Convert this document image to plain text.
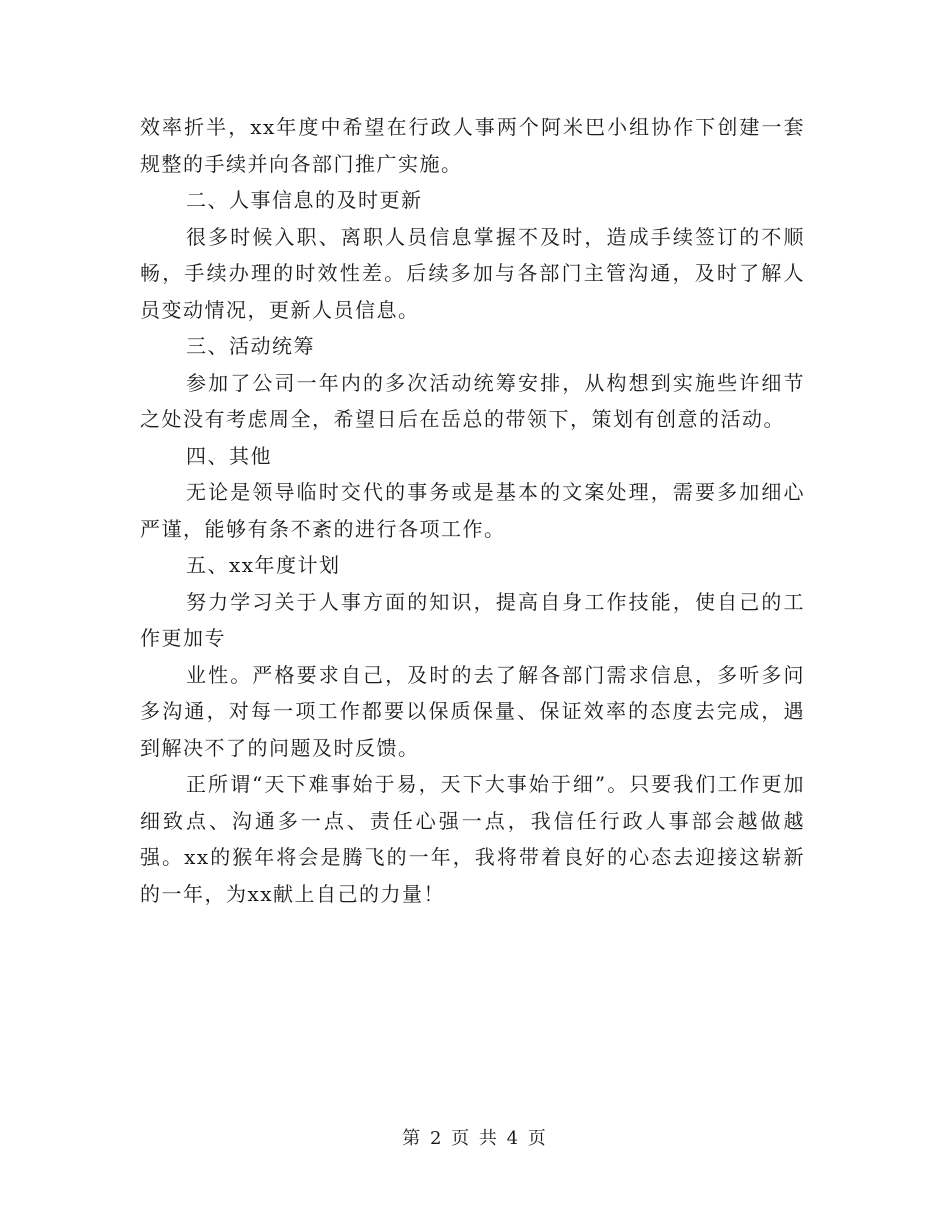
效率折半，xx年度中希望在行政人事两个阿米巴小组协作下创建一套规整的手续并向各部门推广实施。

二、人事信息的及时更新

很多时候入职、离职人员信息掌握不及时，造成手续签订的不顺畅，手续办理的时效性差。后续多加与各部门主管沟通，及时了解人员变动情况，更新人员信息。

三、活动统筹

参加了公司一年内的多次活动统筹安排，从构想到实施些许细节之处没有考虑周全，希望日后在岳总的带领下，策划有创意的活动。

四、其他

无论是领导临时交代的事务或是基本的文案处理，需要多加细心严谨，能够有条不紊的进行各项工作。

五、xx年度计划

努力学习关于人事方面的知识，提高自身工作技能，使自己的工作更加专

业性。严格要求自己，及时的去了解各部门需求信息，多听多问多沟通，对每一项工作都要以保质保量、保证效率的态度去完成，遇到解决不了的问题及时反馈。

正所谓“天下难事始于易，天下大事始于细”。只要我们工作更加细致点、沟通多一点、责任心强一点，我信任行政人事部会越做越强。xx的猴年将会是腾飞的一年，我将带着良好的心态去迎接这崭新的一年，为xx献上自己的力量！

第 2 页 共 4 页
